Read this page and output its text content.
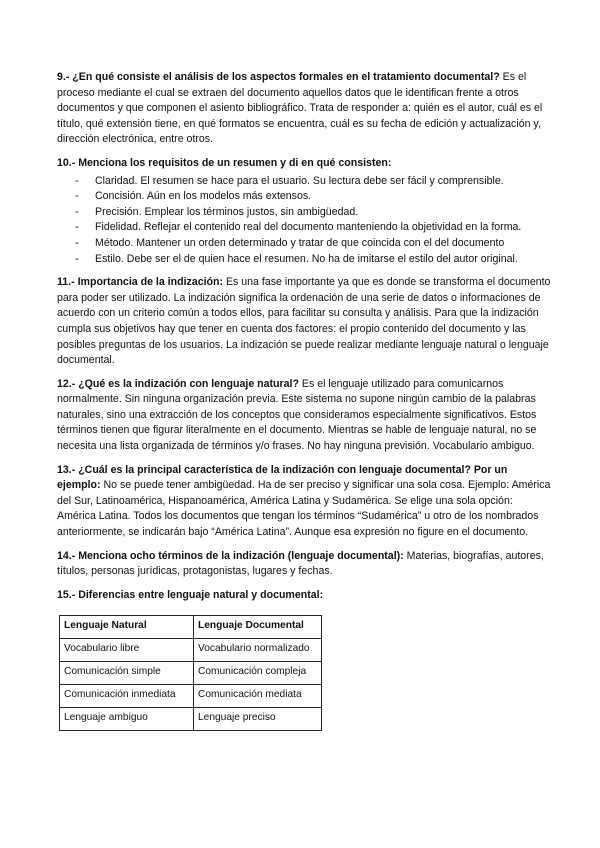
9.- ¿En qué consiste el análisis de los aspectos formales en el tratamiento documental? Es el proceso mediante el cual se extraen del documento aquellos datos que le identifican frente a otros documentos y que componen el asiento bibliográfico. Trata de responder a: quién es el autor, cuál es el título, qué extensión tiene, en qué formatos se encuentra, cuál es su fecha de edición y actualización y, dirección electrónica, entre otros.

10.- Menciona los requisitos de un resumen y di en qué consisten:

- Claridad. El resumen se hace para el usuario. Su lectura debe ser fácil y comprensible.
- Concisión. Aún en los modelos más extensos.
- Precisión. Emplear los términos justos, sin ambigüedad.
- Fidelidad. Reflejar el contenido real del documento manteniendo la objetividad en la forma.
- Método. Mantener un orden determinado y tratar de que coincida con el del documento
- Estilo. Debe ser el de quien hace el resumen. No ha de imitarse el estilo del autor original.

11.- Importancia de la indización: Es una fase importante ya que es donde se transforma el documento para poder ser utilizado. La indización significa la ordenación de una serie de datos o informaciones de acuerdo con un criterio común a todos ellos, para facilitar su consulta y análisis. Para que la indización cumpla sus objetivos hay que tener en cuenta dos factores: el propio contenido del documento y las posibles preguntas de los usuarios. La indización se puede realizar mediante lenguaje natural o lenguaje documental.

12.- ¿Qué es la indización con lenguaje natural? Es el lenguaje utilizado para comunicarnos normalmente. Sin ninguna organización previa. Este sistema no supone ningún cambio de la palabras naturales, sino una extracción de los conceptos que consideramos especialmente significativos. Estos términos tienen que figurar literalmente en el documento. Mientras se hable de lenguaje natural, no se necesita una lista organizada de términos y/o frases. No hay ninguna previsión. Vocabulario ambiguo.

13.- ¿Cuál es la principal característica de la indización con lenguaje documental? Por un ejemplo: No se puede tener ambigüedad. Ha de ser preciso y significar una sola cosa. Ejemplo: América del Sur, Latinoamérica, Hispanoamérica, América Latina y Sudamérica. Se elige una sola opción: América Latina. Todos los documentos que tengan los términos “Sudamérica” u otro de los nombrados anteriormente, se indicarán bajo “América Latina”. Aunque esa expresión no figure en el documento.

14.- Menciona ocho términos de la indización (lenguaje documental): Materias, biografías, autores, títulos, personas jurídicas, protagonistas, lugares y fechas.

15.- Diferencias entre lenguaje natural y documental:

Lenguaje Natural	Lenguaje Documental
Vocabulario libre	Vocabulario normalizado
Comunicación simple	Comunicación compleja
Comunicación inmediata	Comunicación mediata
Lenguaje ambiguo	Lenguaje preciso
